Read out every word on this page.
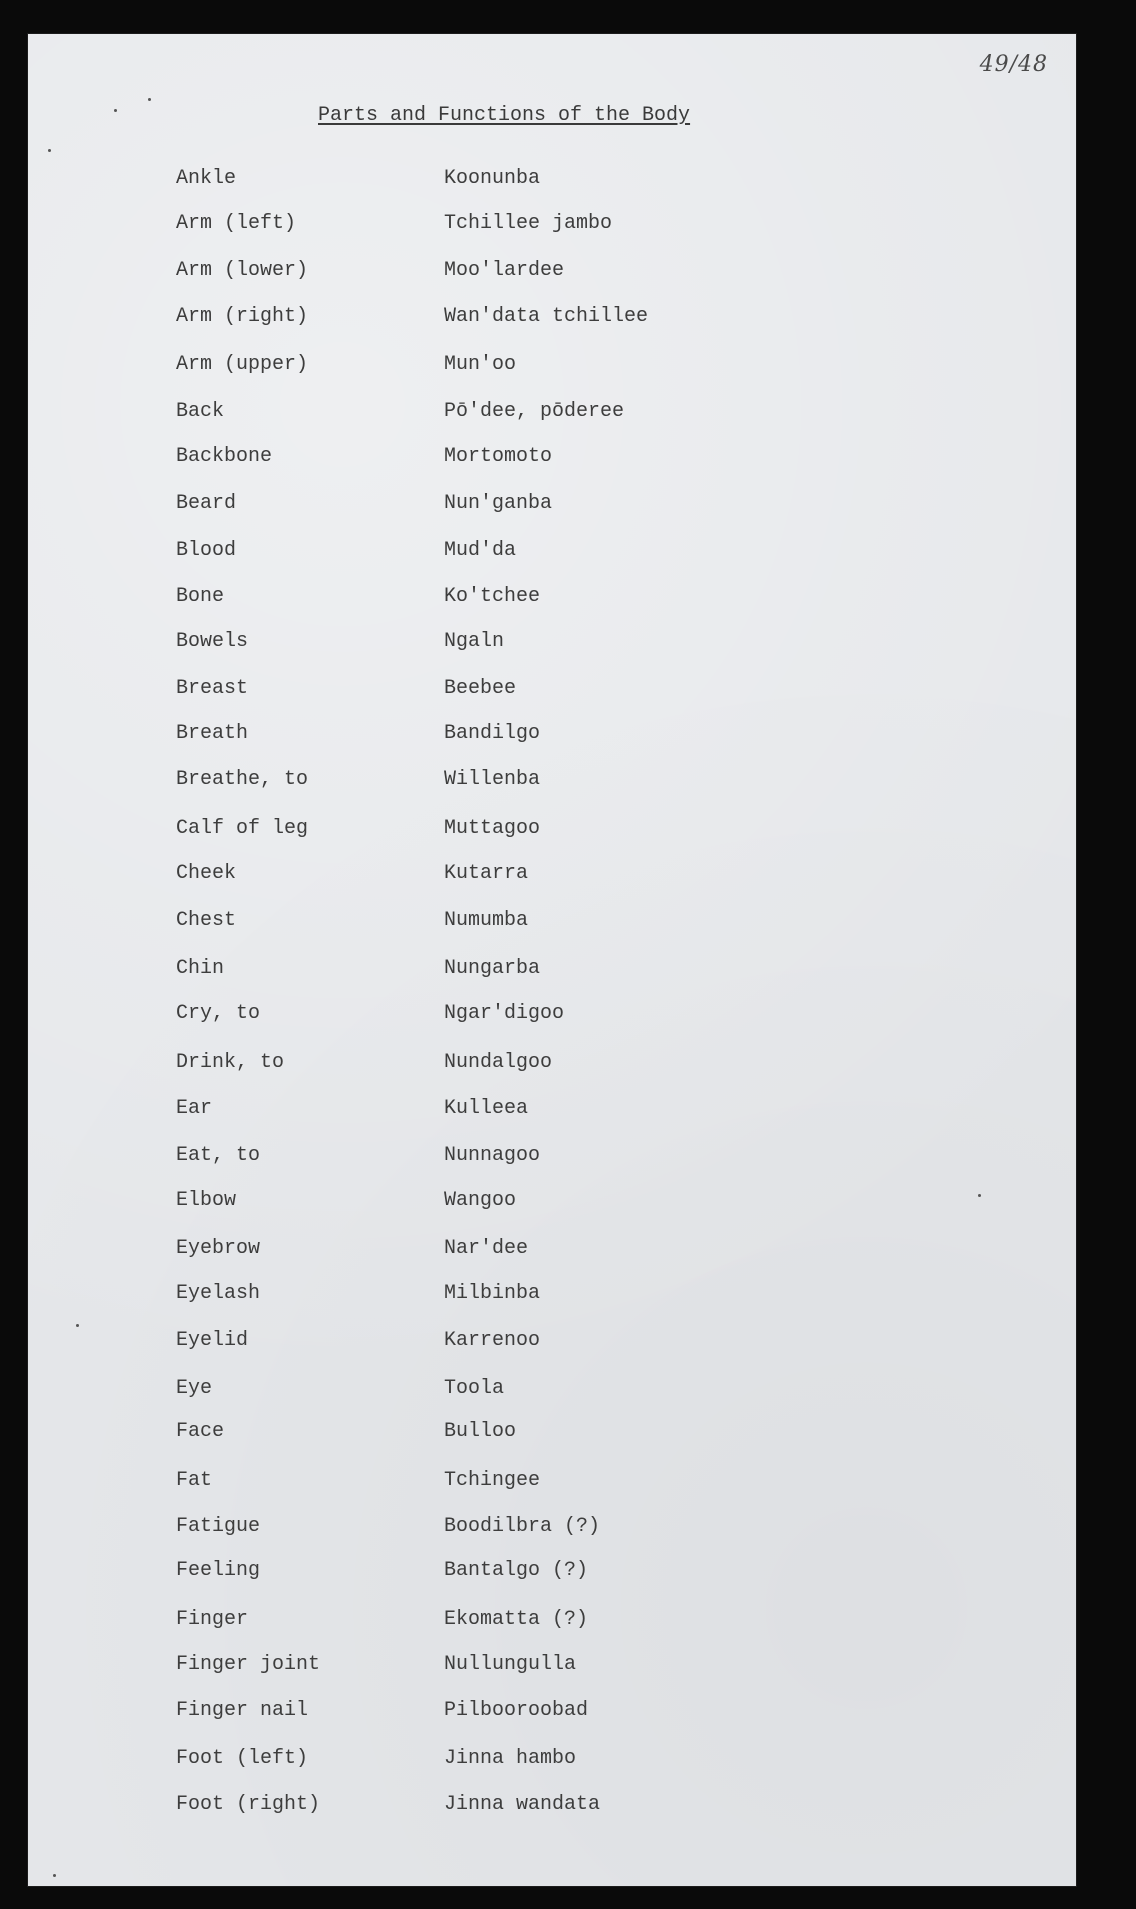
49/48
Parts and Functions of the Body
Ankle	Koonunba
Arm (left)	Tchillee jambo
Arm (lower)	Moo'lardee
Arm (right)	Wan'data tchillee
Arm (upper)	Mun'oo
Back	Pō'dee, pōderee
Backbone	Mortomoto
Beard	Nun'ganba
Blood	Mud'da
Bone	Ko'tchee
Bowels	Ngaln
Breast	Beebee
Breath	Bandilgo
Breathe, to	Willenba
Calf of leg	Muttagoo
Cheek	Kutarra
Chest	Numumba
Chin	Nungarba
Cry, to	Ngar'digoo
Drink, to	Nundalgoo
Ear	Kulleea
Eat, to	Nunnagoo
Elbow	Wangoo
Eyebrow	Nar'dee
Eyelash	Milbinba
Eyelid	Karrenoo
Eye	Toola
Face	Bulloo
Fat	Tchingee
Fatigue	Boodilbra (?)
Feeling	Bantalgo (?)
Finger	Ekomatta (?)
Finger joint	Nullungulla
Finger nail	Pilbooroobad
Foot (left)	Jinna hambo
Foot (right)	Jinna wandata
